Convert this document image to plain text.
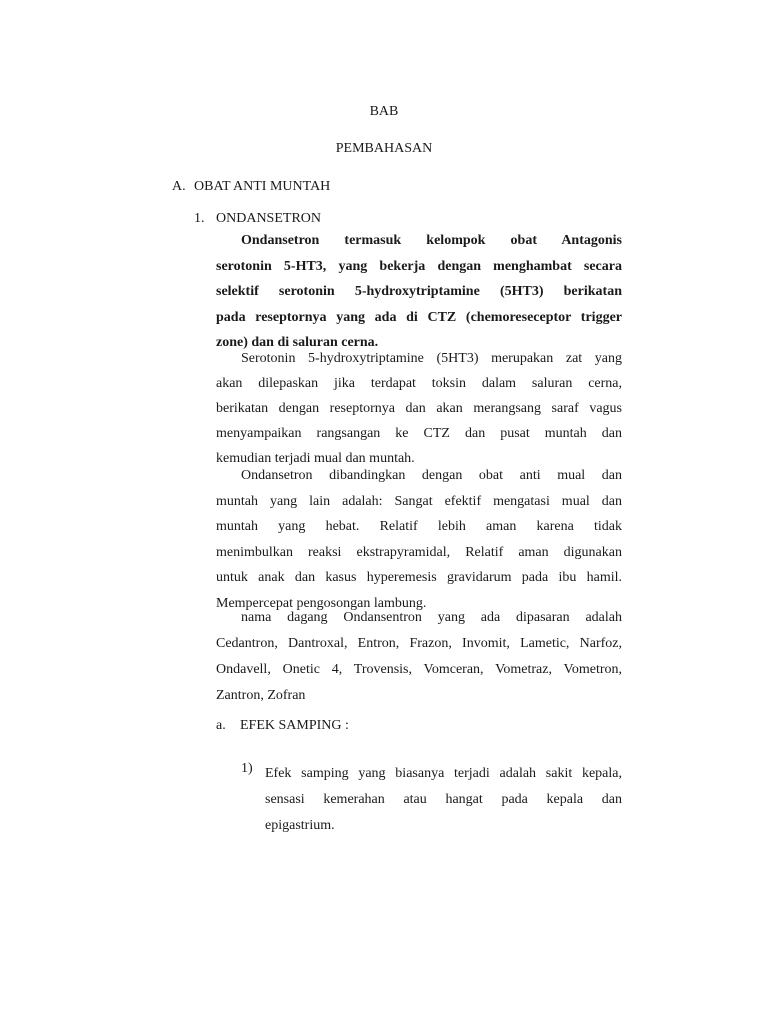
BAB
PEMBAHASAN
A. OBAT ANTI MUNTAH
1. ONDANSETRON
Ondansetron termasuk kelompok obat Antagonis
serotonin 5-HT3, yang bekerja dengan menghambat secara
selektif serotonin 5-hydroxytriptamine (5HT3) berikatan
pada reseptornya yang ada di CTZ (chemoreseceptor trigger
zone) dan di saluran cerna.
Serotonin 5-hydroxytriptamine (5HT3) merupakan zat yang
akan dilepaskan jika terdapat toksin dalam saluran cerna,
berikatan dengan reseptornya dan akan merangsang saraf vagus
menyampaikan rangsangan ke CTZ dan pusat muntah dan
kemudian terjadi mual dan muntah.
Ondansetron dibandingkan dengan obat anti mual dan
muntah yang lain adalah: Sangat efektif mengatasi mual dan
muntah yang hebat. Relatif lebih aman karena tidak
menimbulkan reaksi ekstrapyramidal, Relatif aman digunakan
untuk anak dan kasus hyperemesis gravidarum pada ibu hamil.
Mempercepat pengosongan lambung.
nama dagang Ondansentron yang ada dipasaran adalah
Cedantron, Dantroxal, Entron, Frazon, Invomit, Lametic, Narfoz,
Ondavell, Onetic 4, Trovensis, Vomceran, Vometraz, Vometron,
Zantron, Zofran
a. EFEK SAMPING :
1) Efek samping yang biasanya terjadi adalah sakit kepala,
sensasi kemerahan atau hangat pada kepala dan
epigastrium.
